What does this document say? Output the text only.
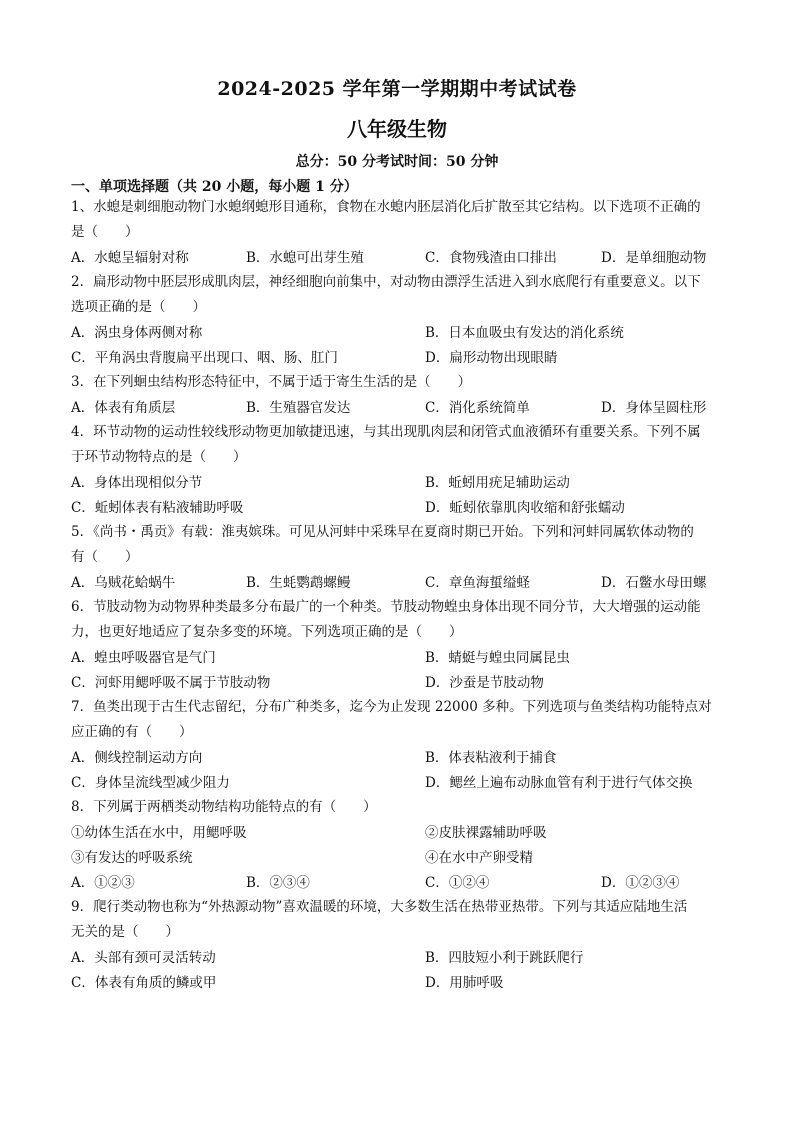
2024-2025 学年第一学期期中考试试卷
八年级生物
总分：50 分考试时间：50 分钟
一、单项选择题（共 20 小题，每小题 1 分）
1、水螅是刺细胞动物门水螅纲螅形目通称，食物在水螅内胚层消化后扩散至其它结构。以下选项不正确的
是（　　）
A．水螅呈辐射对称	B．水螅可出芽生殖	C．食物残渣由口排出	D．是单细胞动物
2．扁形动物中胚层形成肌肉层，神经细胞向前集中，对动物由漂浮生活进入到水底爬行有重要意义。以下
选项正确的是（　　）
A．涡虫身体两侧对称	B．日本血吸虫有发达的消化系统
C．平角涡虫背腹扁平出现口、咽、肠、肛门	D．扁形动物出现眼睛
3．在下列蛔虫结构形态特征中，不属于适于寄生生活的是（　　）
A．体表有角质层	B．生殖器官发达	C．消化系统简单	D．身体呈圆柱形
4．环节动物的运动性较线形动物更加敏捷迅速，与其出现肌肉层和闭管式血液循环有重要关系。下列不属
于环节动物特点的是（　　）
A．身体出现相似分节	B．蚯蚓用疣足辅助运动
C．蚯蚓体表有粘液辅助呼吸	D．蚯蚓依靠肌肉收缩和舒张蠕动
5．《尚书・禹贡》有载：淮夷嫔珠。可见从河蚌中采珠早在夏商时期已开始。下列和河蚌同属软体动物的
有（　　）
A．乌贼花蛤蜗牛	B．生蚝鹦鹉螺鳗	C．章鱼海蜇缢蛏	D．石鳖水母田螺
6．节肢动物为动物界种类最多分布最广的一个种类。节肢动物蝗虫身体出现不同分节，大大增强的运动能
力，也更好地适应了复杂多变的环境。下列选项正确的是（　　）
A．蝗虫呼吸器官是气门	B．蜻蜓与蝗虫同属昆虫
C．河虾用鳃呼吸不属于节肢动物	D．沙蚕是节肢动物
7．鱼类出现于古生代志留纪，分布广种类多，迄今为止发现 22000 多种。下列选项与鱼类结构功能特点对
应正确的有（　　）
A．侧线控制运动方向	B．体表粘液利于捕食
C．身体呈流线型减少阻力	D．鳃丝上遍布动脉血管有利于进行气体交换
8．下列属于两栖类动物结构功能特点的有（　　）
①幼体生活在水中，用鳃呼吸	②皮肤裸露辅助呼吸
③有发达的呼吸系统	④在水中产卵受精
A．①②③	B．②③④	C．①②④	D．①②③④
9．爬行类动物也称为“外热源动物”喜欢温暖的环境，大多数生活在热带亚热带。下列与其适应陆地生活
无关的是（　　）
A．头部有颈可灵活转动	B．四肢短小利于跳跃爬行
C．体表有角质的鳞或甲	D．用肺呼吸
